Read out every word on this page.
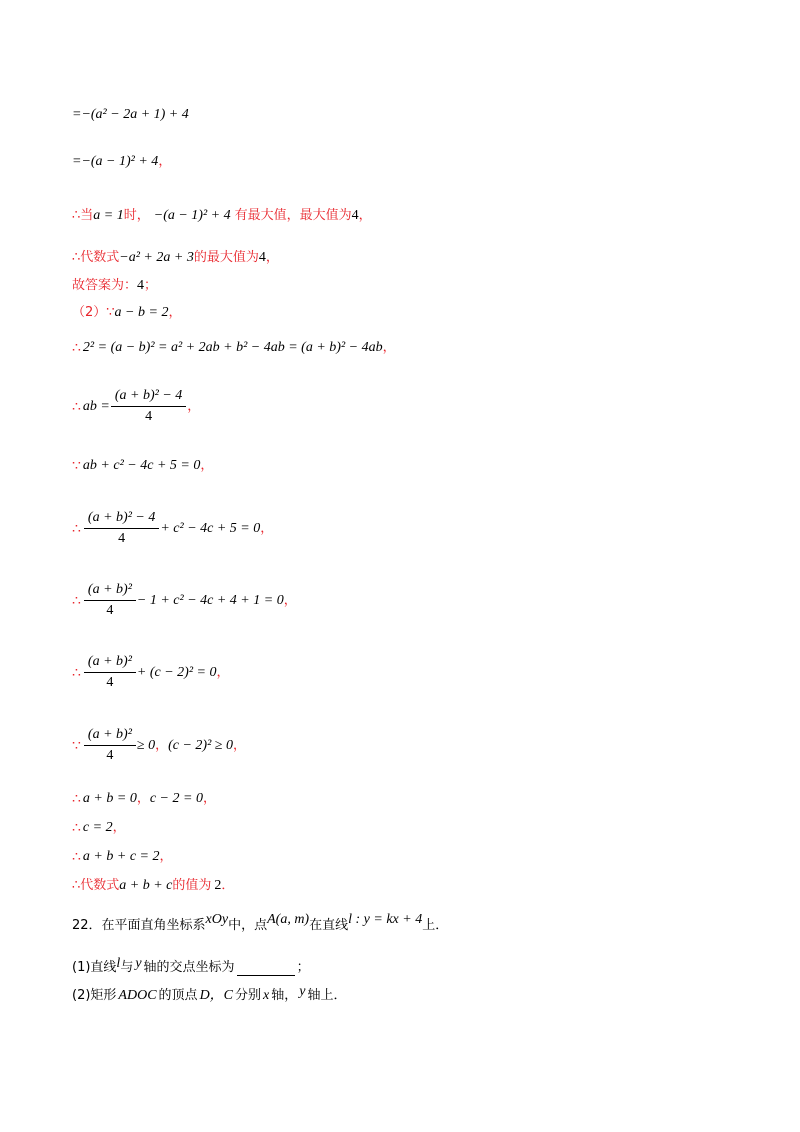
=−(a² − 2a + 1) + 4
=−(a − 1)² + 4 ，
∴当 a = 1 时， −(a − 1)² + 4 有最大值，最大值为 4 ，
∴代数式 −a² + 2a + 3 的最大值为 4 ，
故答案为： 4 ；
（2）∵ a − b = 2 ，
∴ 2² = (a − b)² = a² + 2ab + b² − 4ab = (a + b)² − 4ab ，
∴ ab = $\frac{\text{(a + b)² − 4}}{4}$ ，
∵ ab + c² − 4c + 5 = 0 ，
∴ $\frac{\text{(a + b)² − 4}}{4} + c^2 - 4c + 5 = 0$ ，
∴ $\frac{\text{(a + b)²}}{4} - 1 + c^2 - 4c + 4 + 1 = 0$ ，
∴ $\frac{\text{(a + b)²}}{4} + (c - 2)^2 = 0$ ，
∵ $\frac{\text{(a + b)²}}{4} \ge 0$ ， (c − 2)² ≥ 0 ，
∴ a + b = 0 ， c − 2 = 0 ，
∴ c = 2 ，
∴ a + b + c = 2 ，
∴代数式 a + b + c 的值为 2 ．
22．在平面直角坐标系 xOy 中，点 A(a, m) 在直线 l : y = kx + 4 上．
(1)直线 l 与 y 轴的交点坐标为	；
(2)矩形 ADOC 的顶点 D，C 分别 x 轴， y 轴上．
